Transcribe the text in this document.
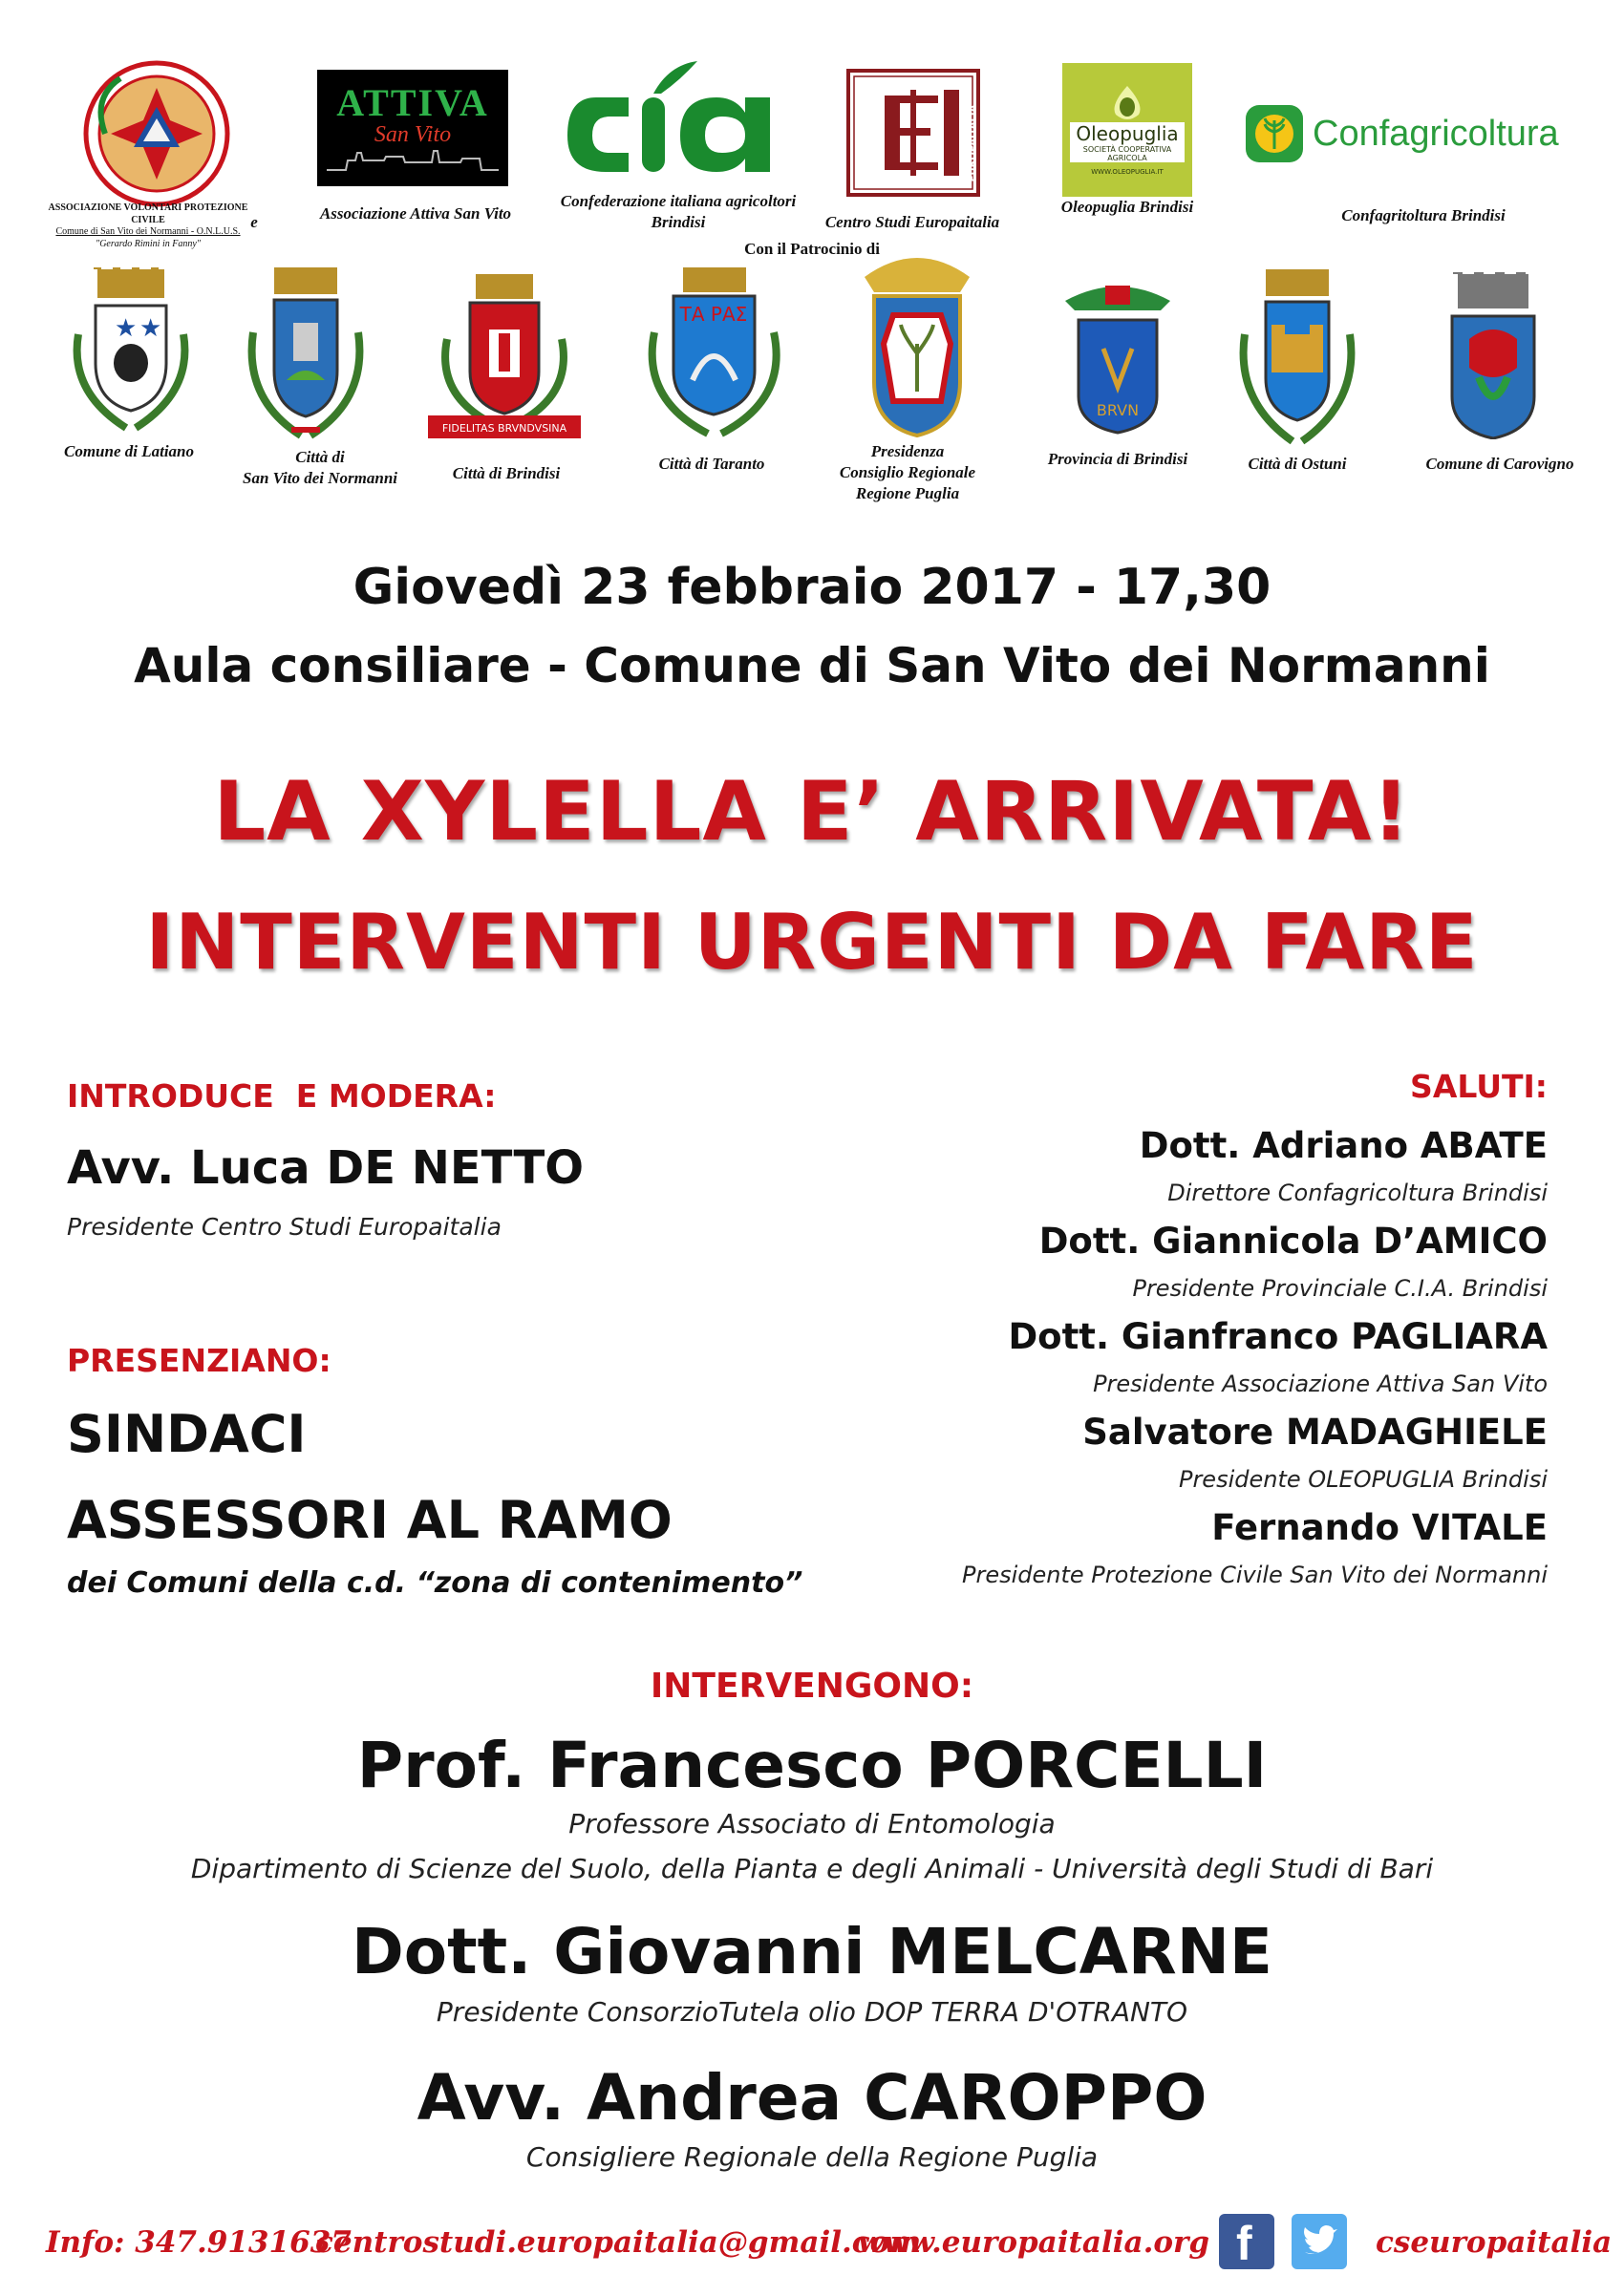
ASSOCIAZIONE VOLONTARI PROTEZIONE CIVILE
Comune di San Vito dei Normanni - O.N.L.U.S.
"Gerardo Rimini in Fanny"
e
ATTIVA
San Vito
Associazione Attiva San Vito
Confederazione italiana agricoltori Brindisi
EUROPAITALIA
Centro Studi Europaitalia
Oleopuglia
SOCIETÀ COOPERATIVA
AGRICOLA
WWW.OLEOPUGLIA.IT
Oleopuglia Brindisi
Confagricoltura
Confagritoltura Brindisi
Con il Patrocinio di
★ ★
Comune di Latiano	Città di
San Vito dei Normanni
FIDELITAS BRVNDVSINA
Città di Brindisi
ΤΑ ΡΑΣ
Città di Taranto
Presidenza
Consiglio Regionale
Regione Puglia
BRVN
Provincia di Brindisi	Città di Ostuni	Comune di Carovigno
Giovedì 23 febbraio 2017 - 17,30
Aula consiliare - Comune di San Vito dei Normanni
LA XYLELLA E’ ARRIVATA!
INTERVENTI URGENTI DA FARE
INTRODUCE  E MODERA:
Avv. Luca DE NETTO
Presidente Centro Studi Europaitalia
PRESENZIANO:
SINDACI
ASSESSORI AL RAMO
dei Comuni della c.d. “zona di contenimento”
SALUTI:
Dott. Adriano ABATE
Direttore Confagricoltura Brindisi
Dott. Giannicola D’AMICO
Presidente Provinciale C.I.A. Brindisi
Dott. Gianfranco PAGLIARA
Presidente Associazione Attiva San Vito
Salvatore MADAGHIELE
Presidente OLEOPUGLIA Brindisi
Fernando VITALE
Presidente Protezione Civile San Vito dei Normanni
INTERVENGONO:
Prof. Francesco PORCELLI
Professore Associato di Entomologia
Dipartimento di Scienze del Suolo, della Pianta e degli Animali - Università degli Studi di Bari
Dott. Giovanni MELCARNE
Presidente ConsorzioTutela olio DOP TERRA D'OTRANTO
Avv. Andrea CAROPPO
Consigliere Regionale della Regione Puglia
Info: 347.9131637
centrostudi.europaitalia@gmail.com
www.europaitalia.org f	cseuropaitalia
